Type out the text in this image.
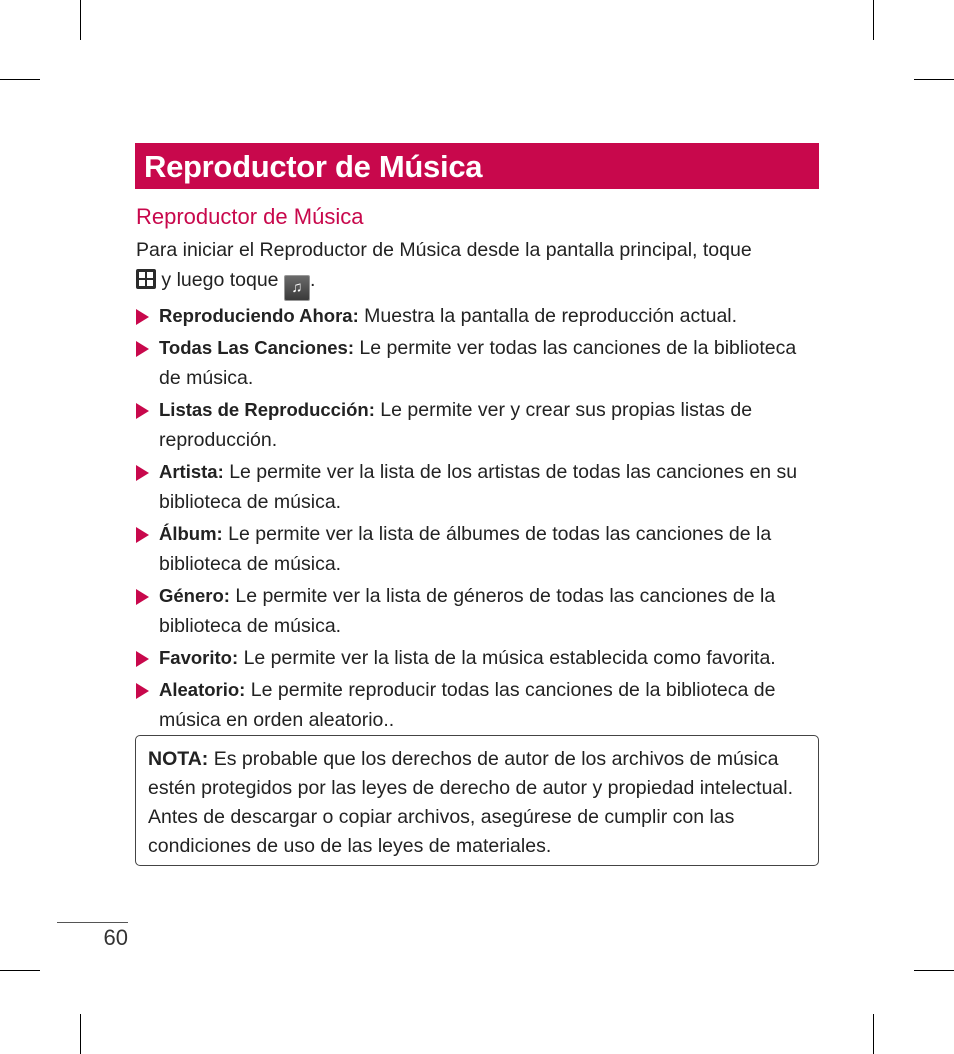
Reproductor de Música
Reproductor de Música

Para iniciar el Reproductor de Música desde la pantalla principal, toque

y luego toque ♫ .

Reproduciendo Ahora: Muestra la pantalla de reproducción actual.
Todas Las Canciones: Le permite ver todas las canciones de la biblioteca de música.
Listas de Reproducción: Le permite ver y crear sus propias listas de reproducción.
Artista: Le permite ver la lista de los artistas de todas las canciones en su biblioteca de música.
Álbum: Le permite ver la lista de álbumes de todas las canciones de la biblioteca de música.
Género: Le permite ver la lista de géneros de todas las canciones de la biblioteca de música.
Favorito: Le permite ver la lista de la música establecida como favorita.
Aleatorio: Le permite reproducir todas las canciones de la biblioteca de música en orden aleatorio..
NOTA: Es probable que los derechos de autor de los archivos de música estén protegidos por las leyes de derecho de autor y propiedad intelectual. Antes de descargar o copiar archivos, asegúrese de cumplir con las condiciones de uso de las leyes de materiales.
60
